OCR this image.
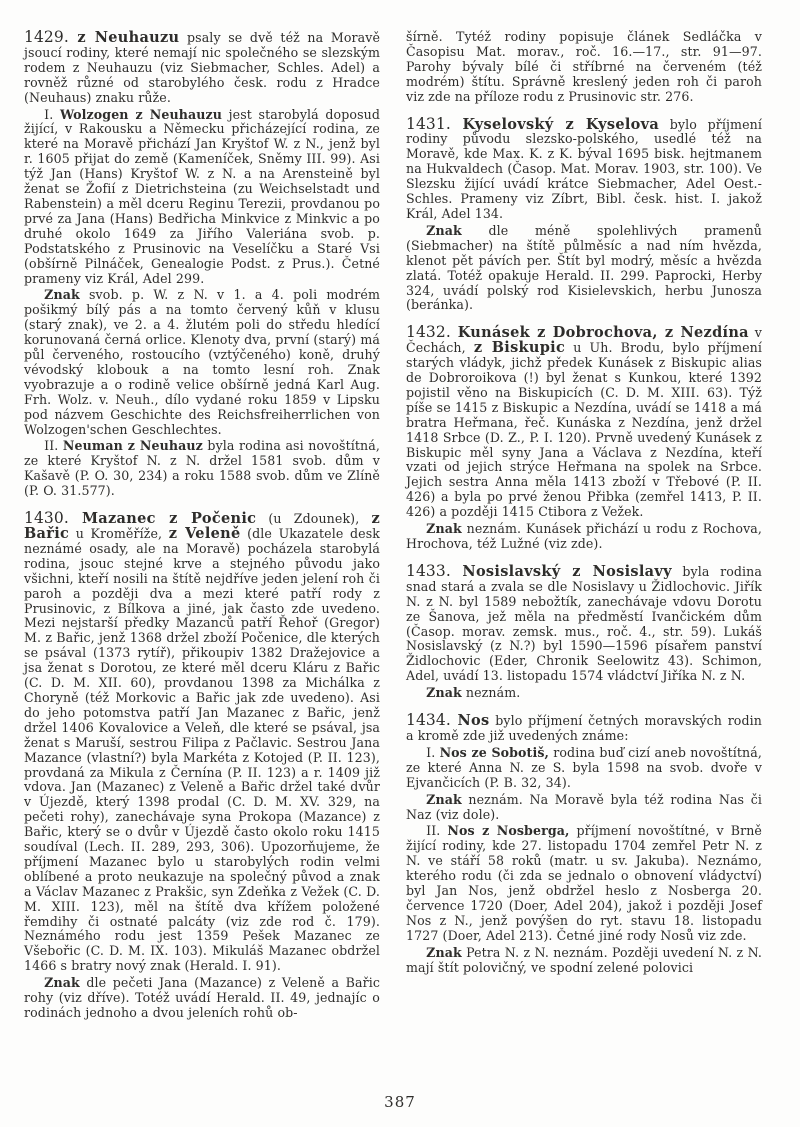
1429. z Neuhauzu psaly se dvě též na Moravě jsoucí rodiny, které nemají nic společného se slezským rodem z Neuhauzu (viz Siebmacher, Schles. Adel) a rovněž různé od starobylého česk. rodu z Hradce (Neuhaus) znaku růže.

I. Wolzogen z Neuhauzu jest starobylá doposud žijící, v Rakousku a Německu přicházející rodina, ze které na Moravě přichází Jan Kryštof W. z N., jenž byl r. 1605 přijat do země (Kameníček, Sněmy III. 99). Asi týž Jan (Hans) Kryštof W. z N. a na Arensteině byl ženat se Žofií z Dietrichsteina (zu Weichselstadt und Rabenstein) a měl dceru Reginu Terezii, provdanou po prvé za Jana (Hans) Bedřicha Minkvice z Minkvic a po druhé okolo 1649 za Jiřího Valeriána svob. p. Podstatského z Prusinovic na Veselíčku a Staré Vsi (obšírně Pilnáček, Genealogie Podst. z Prus.). Četné prameny viz Král, Adel 299.

Znak svob. p. W. z N. v 1. a 4. poli modrém pošikmý bílý pás a na tomto červený kůň v klusu (starý znak), ve 2. a 4. žlutém poli do středu hledící korunovaná černá orlice. Klenoty dva, první (starý) má půl červeného, rostoucího (vztýčeného) koně, druhý vévodský klobouk a na tomto lesní roh. Znak vyobrazuje a o rodině velice obšírně jedná Karl Aug. Frh. Wolz. v. Neuh., dílo vydané roku 1859 v Lipsku pod názvem Geschichte des Reichsfreiherrlichen von Wolzogen'schen Geschlechtes.

II. Neuman z Neuhauz byla rodina asi novoštítná, ze které Kryštof N. z N. držel 1581 svob. dům v Kašavě (P. O. 30, 234) a roku 1588 svob. dům ve Zlíně (P. O. 31.577).

1430. Mazanec z Počenic (u Zdounek), z Bařic u Kroměříže, z Veleně (dle Ukazatele desk neznámé osady, ale na Moravě) pocházela starobylá rodina, jsouc stejné krve a stejného původu jako všichni, kteří nosili na štítě nejdříve jeden jelení roh či paroh a později dva a mezi které patří rody z Prusinovic, z Bílkova a jiné, jak často zde uvedeno. Mezi nejstarší předky Mazanců patří Řehoř (Gregor) M. z Bařic, jenž 1368 držel zboží Počenice, dle kterých se psával (1373 rytíř), přikoupiv 1382 Dražejovice a jsa ženat s Dorotou, ze které měl dceru Kláru z Bařic (C. D. M. XII. 60), provdanou 1398 za Michálka z Choryně (též Morkovic a Bařic jak zde uvedeno). Asi do jeho potomstva patří Jan Mazanec z Bařic, jenž držel 1406 Kovalovice a Veleň, dle které se psával, jsa ženat s Maruší, sestrou Filipa z Pačlavic. Sestrou Jana Mazance (vlastní?) byla Markéta z Kotojed (P. II. 123), provdaná za Mikula z Černína (P. II. 123) a r. 1409 již vdova. Jan (Mazanec) z Veleně a Bařic držel také dvůr v Újezdě, který 1398 prodal (C. D. M. XV. 329, na pečeti rohy), zanechávaje syna Prokopa (Mazance) z Bařic, který se o dvůr v Újezdě často okolo roku 1415 soudíval (Lech. II. 289, 293, 306). Upozorňujeme, že příjmení Mazanec bylo u starobylých rodin velmi oblíbené a proto neukazuje na společný původ a znak a Václav Mazanec z Prakšic, syn Zdeňka z Vežek (C. D. M. XIII. 123), měl na štítě dva křížem položené řemdihy či ostnaté palcáty (viz zde rod č. 179). Neznámého rodu jest 1359 Pešek Mazanec ze Všebořic (C. D. M. IX. 103). Mikuláš Mazanec obdržel 1466 s bratry nový znak (Herald. I. 91).

Znak dle pečeti Jana (Mazance) z Veleně a Bařic rohy (viz dříve). Totéž uvádí Herald. II. 49, jednajíc o rodinách jednoho a dvou jeleních rohů ob-

šírně. Tytéž rodiny popisuje článek Sedláčka v Časopisu Mat. morav., roč. 16.—17., str. 91—97. Parohy bývaly bílé či stříbrné na červeném (též modrém) štítu. Správně kreslený jeden roh či paroh viz zde na příloze rodu z Prusinovic str. 276.

1431. Kyselovský z Kyselova bylo příjmení rodiny původu slezsko-polského, usedlé též na Moravě, kde Max. K. z K. býval 1695 bisk. hejtmanem na Hukvaldech (Časop. Mat. Morav. 1903, str. 100). Ve Slezsku žijící uvádí krátce Siebmacher, Adel Oest.-Schles. Prameny viz Zíbrt, Bibl. česk. hist. I. jakož Král, Adel 134.

Znak dle méně spolehlivých pramenů (Siebmacher) na štítě půlměsíc a nad ním hvězda, klenot pět pávích per. Štít byl modrý, měsíc a hvězda zlatá. Totéž opakuje Herald. II. 299. Paprocki, Herby 324, uvádí polský rod Kisielevskich, herbu Junosza (beránka).

1432. Kunásek z Dobrochova, z Nezdína v Čechách, z Biskupic u Uh. Brodu, bylo příjmení starých vládyk, jichž předek Kunásek z Biskupic alias de Dobroroikova (!) byl ženat s Kunkou, které 1392 pojistil věno na Biskupicích (C. D. M. XIII. 63). Týž píše se 1415 z Biskupic a Nezdína, uvádí se 1418 a má bratra Heřmana, řeč. Kunáska z Nezdína, jenž držel 1418 Srbce (D. Z., P. I. 120). Prvně uvedený Kunásek z Biskupic měl syny Jana a Václava z Nezdína, kteří vzati od jejich strýce Heřmana na spolek na Srbce. Jejich sestra Anna měla 1413 zboží v Třebové (P. II. 426) a byla po prvé ženou Přibka (zemřel 1413, P. II. 426) a později 1415 Ctibora z Vežek.

Znak neznám. Kunásek přichází u rodu z Rochova, Hrochova, též Lužné (viz zde).

1433. Nosislavský z Nosislavy byla rodina snad stará a zvala se dle Nosislavy u Židlochovic. Jiřík N. z N. byl 1589 nebožtík, zanechávaje vdovu Dorotu ze Šanova, jež měla na předměstí Ivančickém dům (Časop. morav. zemsk. mus., roč. 4., str. 59). Lukáš Nosislavský (z N.?) byl 1590—1596 písařem panství Židlochovic (Eder, Chronik Seelowitz 43). Schimon, Adel, uvádí 13. listopadu 1574 vládctví Jiříka N. z N.

Znak neznám.

1434. Nos bylo příjmení četných moravských rodin a kromě zde již uvedených známe:

I. Nos ze Sobotiš, rodina buď cizí aneb novoštítná, ze které Anna N. ze S. byla 1598 na svob. dvoře v Ejvančicích (P. B. 32, 34).

Znak neznám. Na Moravě byla též rodina Nas či Naz (viz dole).

II. Nos z Nosberga, příjmení novoštítné, v Brně žijící rodiny, kde 27. listopadu 1704 zemřel Petr N. z N. ve stáří 58 roků (matr. u sv. Jakuba). Neznámo, kterého rodu (či zda se jednalo o obnovení vládyctví) byl Jan Nos, jenž obdržel heslo z Nosberga 20. července 1720 (Doer, Adel 204), jakož i později Josef Nos z N., jenž povýšen do ryt. stavu 18. listopadu 1727 (Doer, Adel 213). Četné jiné rody Nosů viz zde.

Znak Petra N. z N. neznám. Později uvedení N. z N. mají štít polovičný, ve spodní zelené polovici

387
